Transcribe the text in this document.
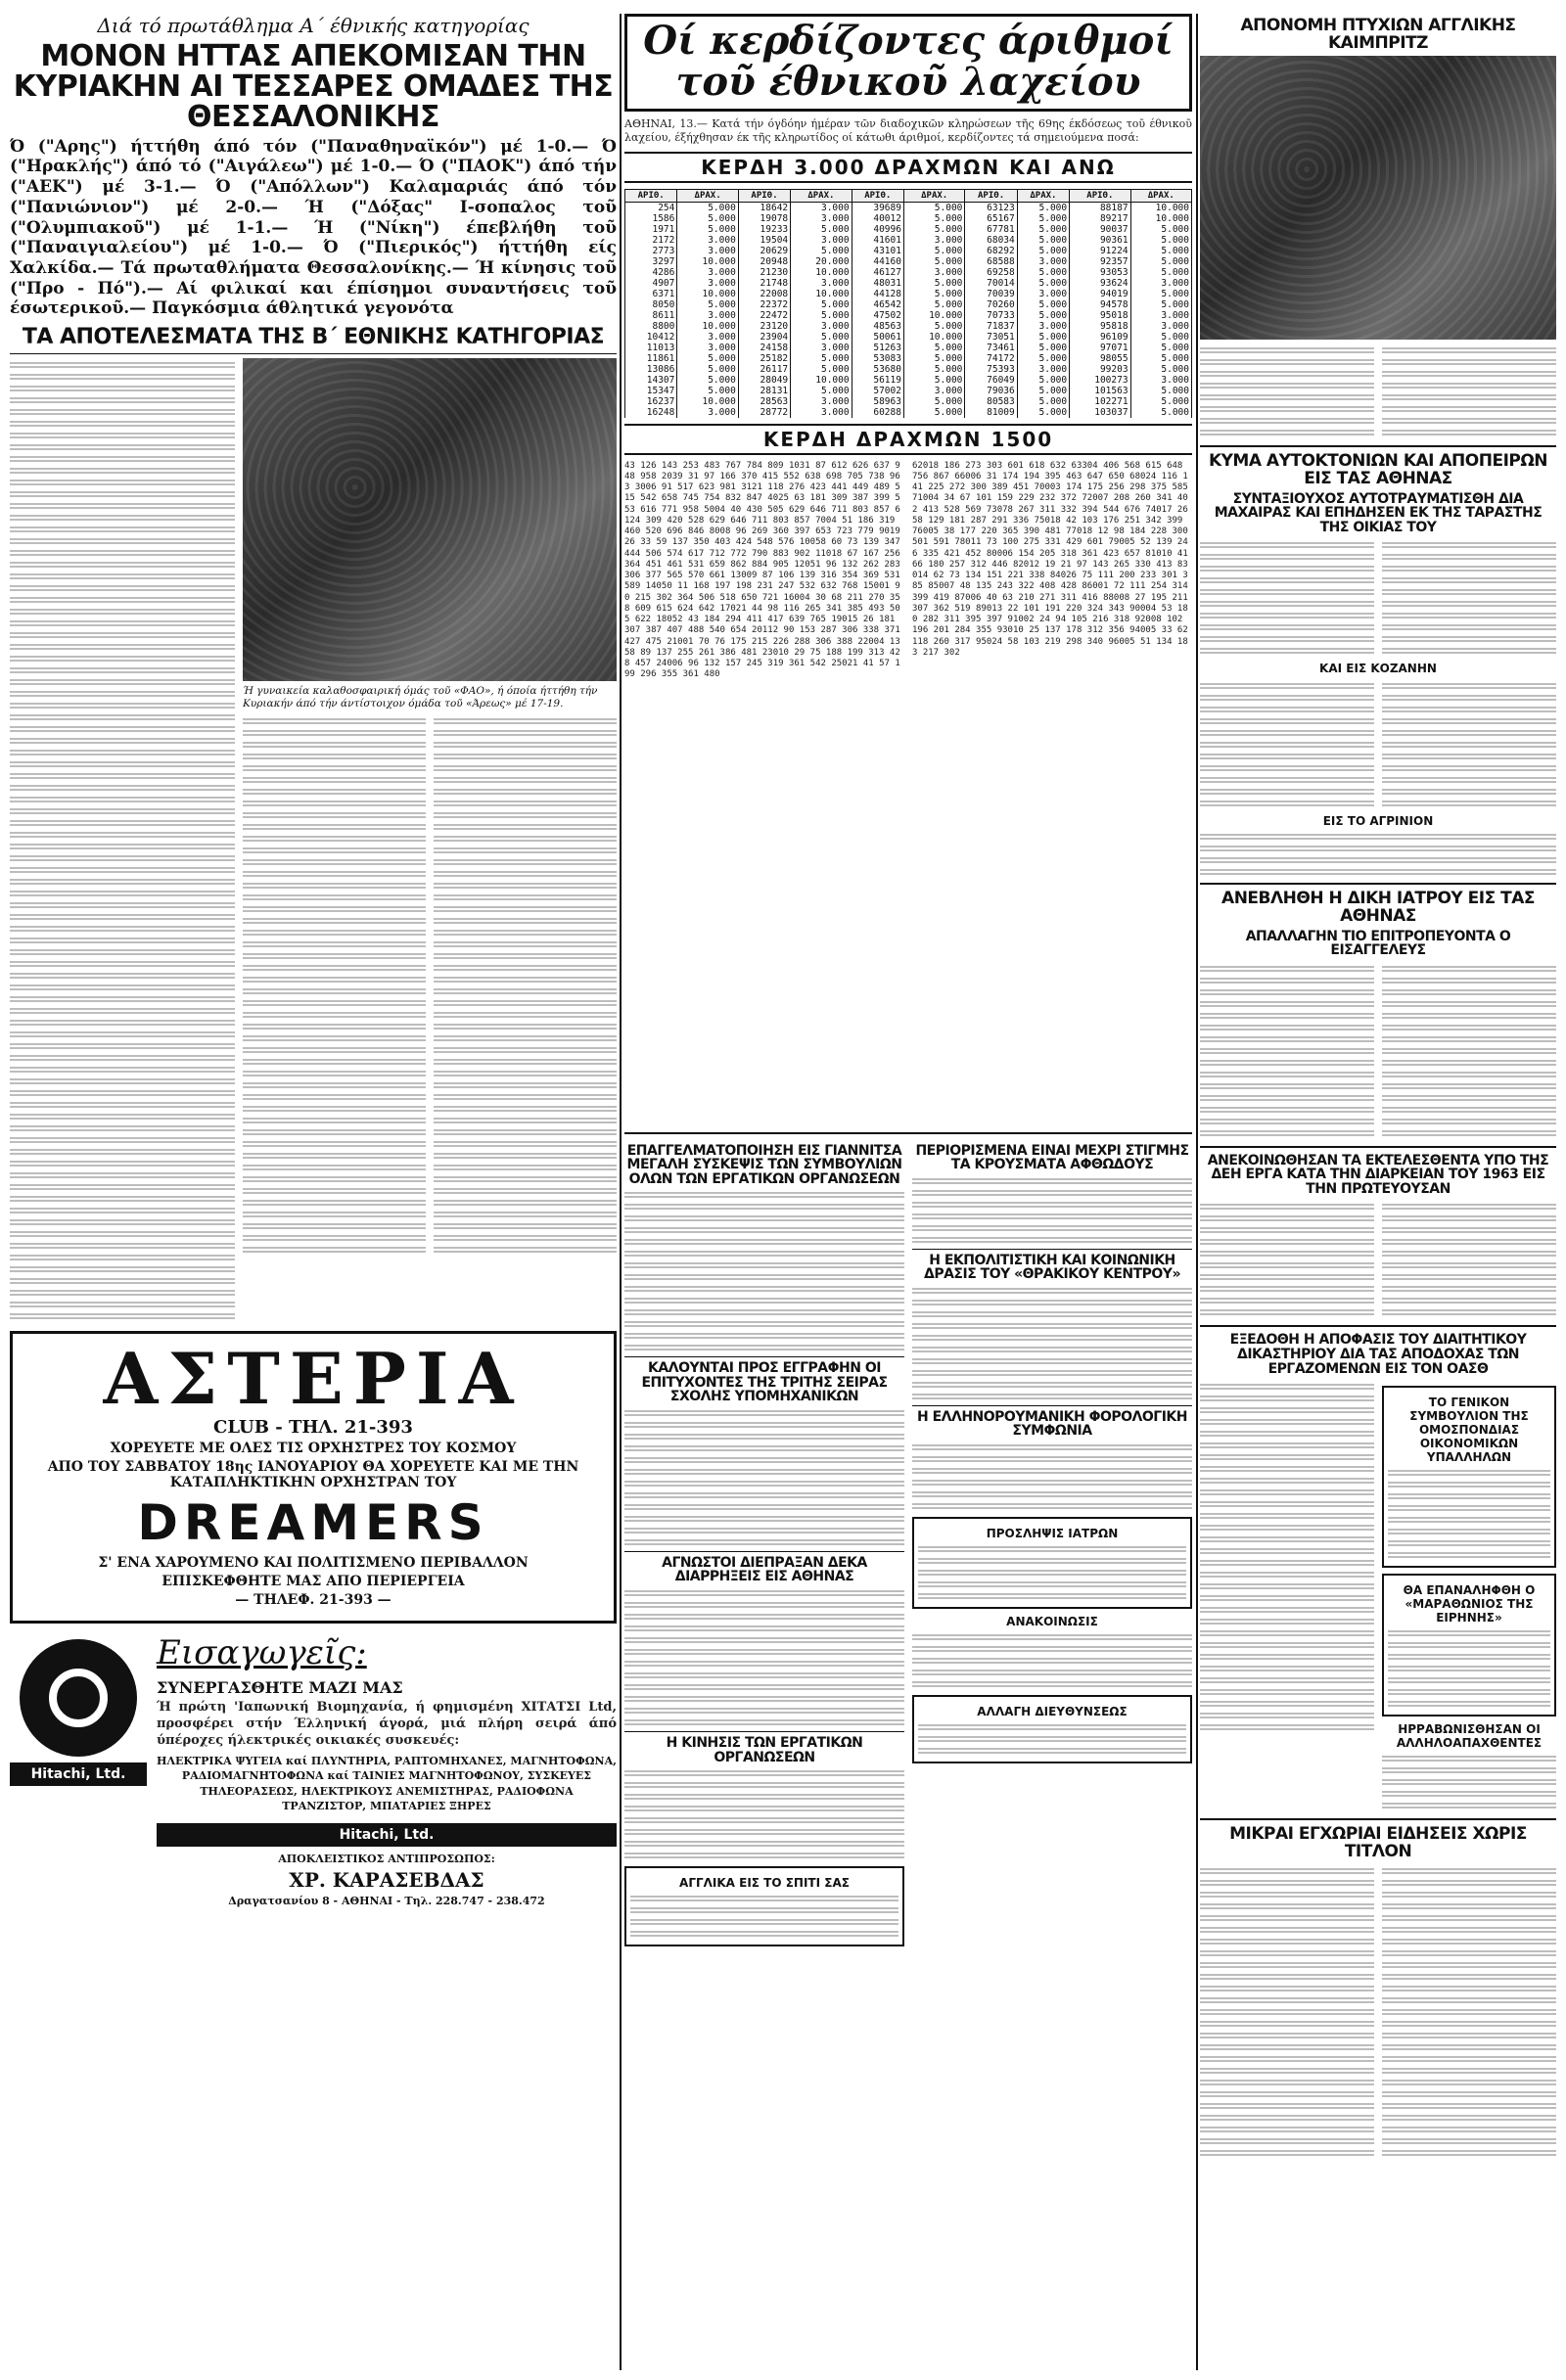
Διά τό πρωτάθλημα Α΄ έθνικής κατηγορίας
ΜΟΝΟΝ ΗΤΤΑΣ ΑΠΕΚΟΜΙΣΑΝ ΤΗΝ ΚΥΡΙΑΚΗΝ ΑΙ ΤΕΣΣΑΡΕΣ ΟΜΑΔΕΣ ΤΗΣ ΘΕΣΣΑΛΟΝΙΚΗΣ
Ό ("Αρης") ήττήθη άπό τόν ("Παναθηναϊκόν") μέ 1-0.— Ό ("Ηρακλής") άπό τό ("Αιγάλεω") μέ 1-0.— Ό ("ΠΑΟΚ") άπό τήν ("ΑΕΚ") μέ 3-1.— Ό ("Απόλλων") Καλαμαριάς άπό τόν ("Πανιώνιον") μέ 2-0.— Ή ("Δόξας" Ι-σοπαλος τοῦ ("Ολυμπιακοῦ") μέ 1-1.— Ή ("Νίκη") έπεβλήθη τοῦ ("Παναιγιαλείου") μέ 1-0.— Ό ("Πιερικός") ήττήθη είς Χαλκίδα.— Τά πρωταθλήματα Θεσσαλονίκης.— Ή κίνησις τοῦ ("Προ - Πό").— Αί φιλικαί και έπίσημοι συναντήσεις τοῦ έσωτερικοῦ.— Παγκόσμια άθλητικά γεγονότα
ΤΑ ΑΠΟΤΕΛΕΣΜΑΤΑ ΤΗΣ Β΄ ΕΘΝΙΚΗΣ ΚΑΤΗΓΟΡΙΑΣ
Ή γυναικεία καλαθοσφαιρική όμάς τοῦ «ΦΑΟ», ή όποία ήττήθη τήν Κυριακήν άπό τήν άντίστοιχον όμάδα τοῦ «Άρεως» μέ 17-19.
ΑΣΤΕΡΙΑ
CLUB - ΤΗΛ. 21-393
ΧΟΡΕΥΕΤΕ ΜΕ ΟΛΕΣ ΤΙΣ ΟΡΧΗΣΤΡΕΣ ΤΟΥ ΚΟΣΜΟΥ
ΑΠΟ ΤΟΥ ΣΑΒΒΑΤΟΥ 18ης ΙΑΝΟΥΑΡΙΟΥ ΘΑ ΧΟΡΕΥΕΤΕ ΚΑΙ ΜΕ ΤΗΝ ΚΑΤΑΠΛΗΚΤΙΚΗΝ ΟΡΧΗΣΤΡΑΝ ΤΟΥ
DREAMERS
Σ' ΕΝΑ ΧΑΡΟΥΜΕΝΟ ΚΑΙ ΠΟΛΙΤΙΣΜΕΝΟ ΠΕΡΙΒΑΛΛΟΝ
ΕΠΙΣΚΕΦΘΗΤΕ ΜΑΣ ΑΠΟ ΠΕΡΙΕΡΓΕΙΑ
— ΤΗΛΕΦ. 21-393 —
Hitachi, Ltd.
Εισαγωγεῖς:
ΣΥΝΕΡΓΑΣΘΗΤΕ ΜΑΖΙ ΜΑΣ
Ή πρώτη 'Ιαπωνική Βιομηχανία, ή φημισμένη ΧΙΤΑΤΣΙ Ltd, προσφέρει στήν Έλληνική άγορά, μιά πλήρη σειρά άπό ύπέροχες ήλεκτρικές οικιακές συσκευές:
ΗΛΕΚΤΡΙΚΑ ΨΥΓΕΙΑ καί ΠΛΥΝΤΗΡΙΑ, ΡΑΠΤΟΜΗΧΑΝΕΣ, ΜΑΓΝΗΤΟΦΩΝΑ, ΡΑΔΙΟΜΑΓΝΗΤΟΦΩΝΑ καί ΤΑΙΝΙΕΣ ΜΑΓΝΗΤΟΦΩΝΟΥ, ΣΥΣΚΕΥΕΣ ΤΗΛΕΟΡΑΣΕΩΣ, ΗΛΕΚΤΡΙΚΟΥΣ ΑΝΕΜΙΣΤΗΡΑΣ, ΡΑΔΙΟΦΩΝΑ ΤΡΑΝΖΙΣΤΟΡ, ΜΠΑΤΑΡΙΕΣ ΞΗΡΕΣ
Hitachi, Ltd.
ΑΠΟΚΛΕΙΣΤΙΚΟΣ ΑΝΤΙΠΡΟΣΩΠΟΣ:
ΧΡ. ΚΑΡΑΣΕΒΔΑΣ
Δραγατσανίου 8 - ΑΘΗΝΑΙ - Τηλ. 228.747 - 238.472
Οί κερδίζοντες άριθμοί τοῦ έθνικοῦ λαχείου
ΑΘΗΝΑΙ, 13.— Κατά τήν όγδόην ήμέραν τῶν διαδοχικῶν κληρώσεων τῆς 69ης έκδόσεως τοῦ έθνικοῦ λαχείου, έξήχθησαν έκ τῆς κληρωτίδος οί κάτωθι άριθμοί, κερδίζοντες τά σημειούμενα ποσά:
ΚΕΡΔΗ 3.000 ΔΡΑΧΜΩΝ ΚΑΙ ΑΝΩ
ΑΡΙΘ.	ΔΡΑΧ.	ΑΡΙΘ.	ΔΡΑΧ.	ΑΡΙΘ.	ΔΡΑΧ.	ΑΡΙΘ.	ΔΡΑΧ.	ΑΡΙΘ.	ΔΡΑΧ.
254	5.000	18642	3.000	39689	5.000	63123	5.000	88187	10.000
1586	5.000	19078	3.000	40012	5.000	65167	5.000	89217	10.000
1971	5.000	19233	5.000	40996	5.000	67781	5.000	90037	5.000
2172	3.000	19504	3.000	41601	3.000	68034	5.000	90361	5.000
2773	3.000	20629	5.000	43101	5.000	68292	5.000	91224	5.000
3297	10.000	20948	20.000	44160	5.000	68588	3.000	92357	5.000
4286	3.000	21230	10.000	46127	3.000	69258	5.000	93053	5.000
4907	3.000	21748	3.000	48031	5.000	70014	5.000	93624	3.000
6371	10.000	22008	10.000	44128	5.000	70039	3.000	94019	5.000
8050	5.000	22372	5.000	46542	5.000	70260	5.000	94578	5.000
8611	3.000	22472	5.000	47502	10.000	70733	5.000	95018	3.000
8800	10.000	23120	3.000	48563	5.000	71837	3.000	95818	3.000
10412	3.000	23904	5.000	50061	10.000	73051	5.000	96109	5.000
11013	3.000	24158	3.000	51263	5.000	73461	5.000	97071	5.000
11861	5.000	25182	5.000	53083	5.000	74172	5.000	98055	5.000
13086	5.000	26117	5.000	53680	5.000	75393	3.000	99203	5.000
14307	5.000	28049	10.000	56119	5.000	76049	5.000	100273	3.000
15347	5.000	28131	5.000	57002	3.000	79036	5.000	101563	5.000
16237	10.000	28563	3.000	58963	5.000	80583	5.000	102271	5.000
16248	3.000	28772	3.000	60288	5.000	81009	5.000	103037	5.000
ΚΕΡΔΗ ΔΡΑΧΜΩΝ 1500
43 126 143 253 483 767 784 809 1031 87 612 626 637 948 958 2039 31 97 166 370 415 552 638 698 705 738 963 3006 91 517 623 981 3121 118 276 423 441 449 489 515 542 658 745 754 832 847 4025 63 181 309 387 399 553 616 771 958 5004 40 430 505 629 646 711 803 857 6124 309 420 528 629 646 711 803 857 7004 51 186 319 460 520 696 846 8008 96 269 360 397 653 723 779 9019 26 33 59 137 350 403 424 548 576 10058 60 73 139 347 444 506 574 617 712 772 790 883 902 11018 67 167 256 364 451 461 531 659 862 884 905 12051 96 132 262 283 306 377 565 570 661 13009 87 106 139 316 354 369 531 589 14050 11 168 197 198 231 247 532 632 768 15001 90 215 302 364 506 518 650 721 16004 30 68 211 270 358 609 615 624 642 17021 44 98 116 265 341 385 493 505 622 18052 43 184 294 411 417 639 765 19015 26 181 307 387 407 488 540 654 20112 90 153 287 306 338 371 427 475 21001 70 76 175 215 226 288 306 388 22004 13 58 89 137 255 261 386 481 23010 29 75 188 199 313 428 457 24006 96 132 157 245 319 361 542 25021 41 57 199 296 355 361 480
62018 186 273 303 601 618 632 63304 406 568 615 648 756 867 66006 31 174 194 395 463 647 650 68024 116 141 225 272 300 389 451 70003 174 175 256 298 375 585 71004 34 67 101 159 229 232 372 72007 208 260 341 402 413 528 569 73078 267 311 332 394 544 676 74017 26 58 129 181 287 291 336 75018 42 103 176 251 342 399 76005 38 177 220 365 390 481 77018 12 98 184 228 300 501 591 78011 73 100 275 331 429 601 79005 52 139 246 335 421 452 80006 154 205 318 361 423 657 81010 41 66 180 257 312 446 82012 19 21 97 143 265 330 413 83014 62 73 134 151 221 338 84026 75 111 200 233 301 385 85007 48 135 243 322 408 428 86001 72 111 254 314 399 419 87006 40 63 210 271 311 416 88008 27 195 211 307 362 519 89013 22 101 191 220 324 343 90004 53 180 282 311 395 397 91002 24 94 105 216 318 92008 102 196 201 284 355 93010 25 137 178 312 356 94005 33 62 118 260 317 95024 58 103 219 298 340 96005 51 134 183 217 302
ΕΠΑΓΓΕΛΜΑΤΟΠΟΙΗΣΗ ΕΙΣ ΓΙΑΝΝΙΤΣΑ ΜΕΓΑΛΗ ΣΥΣΚΕΨΙΣ ΤΩΝ ΣΥΜΒΟΥΛΙΩΝ ΟΛΩΝ ΤΩΝ ΕΡΓΑΤΙΚΩΝ ΟΡΓΑΝΩΣΕΩΝ
ΚΑΛΟΥΝΤΑΙ ΠΡΟΣ ΕΓΓΡΑΦΗΝ ΟΙ ΕΠΙΤΥΧΟΝΤΕΣ ΤΗΣ ΤΡΙΤΗΣ ΣΕΙΡΑΣ ΣΧΟΛΗΣ ΥΠΟΜΗΧΑΝΙΚΩΝ
ΑΓΝΩΣΤΟΙ ΔΙΕΠΡΑΞΑΝ ΔΕΚΑ ΔΙΑΡΡΗΞΕΙΣ ΕΙΣ ΑΘΗΝΑΣ
Η ΚΙΝΗΣΙΣ ΤΩΝ ΕΡΓΑΤΙΚΩΝ ΟΡΓΑΝΩΣΕΩΝ
ΑΓΓΛΙΚΑ ΕΙΣ ΤΟ ΣΠΙΤΙ ΣΑΣ
ΠΕΡΙΟΡΙΣΜΕΝΑ ΕΙΝΑΙ ΜΕΧΡΙ ΣΤΙΓΜΗΣ ΤΑ ΚΡΟΥΣΜΑΤΑ ΑΦΘΩΔΟΥΣ
Η ΕΚΠΟΛΙΤΙΣΤΙΚΗ ΚΑΙ ΚΟΙΝΩΝΙΚΗ ΔΡΑΣΙΣ ΤΟΥ «ΘΡΑΚΙΚΟΥ ΚΕΝΤΡΟΥ»
Η ΕΛΛΗΝΟΡΟΥΜΑΝΙΚΗ ΦΟΡΟΛΟΓΙΚΗ ΣΥΜΦΩΝΙΑ
ΠΡΟΣΛΗΨΙΣ ΙΑΤΡΩΝ
ΑΝΑΚΟΙΝΩΣΙΣ
ΑΛΛΑΓΗ ΔΙΕΥΘΥΝΣΕΩΣ
ΑΠΟΝΟΜΗ ΠΤΥΧΙΩΝ ΑΓΓΛΙΚΗΣ ΚΑΙΜΠΡΙΤΖ
ΚΥΜΑ ΑΥΤΟΚΤΟΝΙΩΝ ΚΑΙ ΑΠΟΠΕΙΡΩΝ ΕΙΣ ΤΑΣ ΑΘΗΝΑΣ
ΣΥΝΤΑΞΙΟΥΧΟΣ ΑΥΤΟΤΡΑΥΜΑΤΙΣΘΗ ΔΙΑ ΜΑΧΑΙΡΑΣ ΚΑΙ ΕΠΗΔΗΣΕΝ ΕΚ ΤΗΣ ΤΑΡΑΣΤΗΣ ΤΗΣ ΟΙΚΙΑΣ ΤΟΥ
ΚΑΙ ΕΙΣ ΚΟΖΑΝΗΝ
ΕΙΣ ΤΟ ΑΓΡΙΝΙΟΝ
ΑΝΕΒΛΗΘΗ Η ΔΙΚΗ ΙΑΤΡΟΥ ΕΙΣ ΤΑΣ ΑΘΗΝΑΣ
ΑΠΑΛΛΑΓΗΝ ΤΙΟ ΕΠΙΤΡΟΠΕΥΟΝΤΑ Ο ΕΙΣΑΓΓΕΛΕΥΣ
ΑΝΕΚΟΙΝΩΘΗΣΑΝ ΤΑ ΕΚΤΕΛΕΣΘΕΝΤΑ ΥΠΟ ΤΗΣ ΔΕΗ ΕΡΓΑ ΚΑΤΑ ΤΗΝ ΔΙΑΡΚΕΙΑΝ ΤΟΥ 1963 ΕΙΣ ΤΗΝ ΠΡΩΤΕΥΟΥΣΑΝ
ΕΞΕΔΟΘΗ Η ΑΠΟΦΑΣΙΣ ΤΟΥ ΔΙΑΙΤΗΤΙΚΟΥ ΔΙΚΑΣΤΗΡΙΟΥ ΔΙΑ ΤΑΣ ΑΠΟΔΟΧΑΣ ΤΩΝ ΕΡΓΑΖΟΜΕΝΩΝ ΕΙΣ ΤΟΝ ΟΑΣΘ
ΤΟ ΓΕΝΙΚΟΝ ΣΥΜΒΟΥΛΙΟΝ ΤΗΣ ΟΜΟΣΠΟΝΔΙΑΣ ΟΙΚΟΝΟΜΙΚΩΝ ΥΠΑΛΛΗΛΩΝ
ΘΑ ΕΠΑΝΑΛΗΦΘΗ Ο «ΜΑΡΑΘΩΝΙΟΣ ΤΗΣ ΕΙΡΗΝΗΣ»
ΗΡΡΑΒΩΝΙΣΘΗΣΑΝ ΟΙ ΑΛΛΗΛΟΑΠΑΧΘΕΝΤΕΣ
ΜΙΚΡΑΙ ΕΓΧΩΡΙΑΙ ΕΙΔΗΣΕΙΣ ΧΩΡΙΣ ΤΙΤΛΟΝ
